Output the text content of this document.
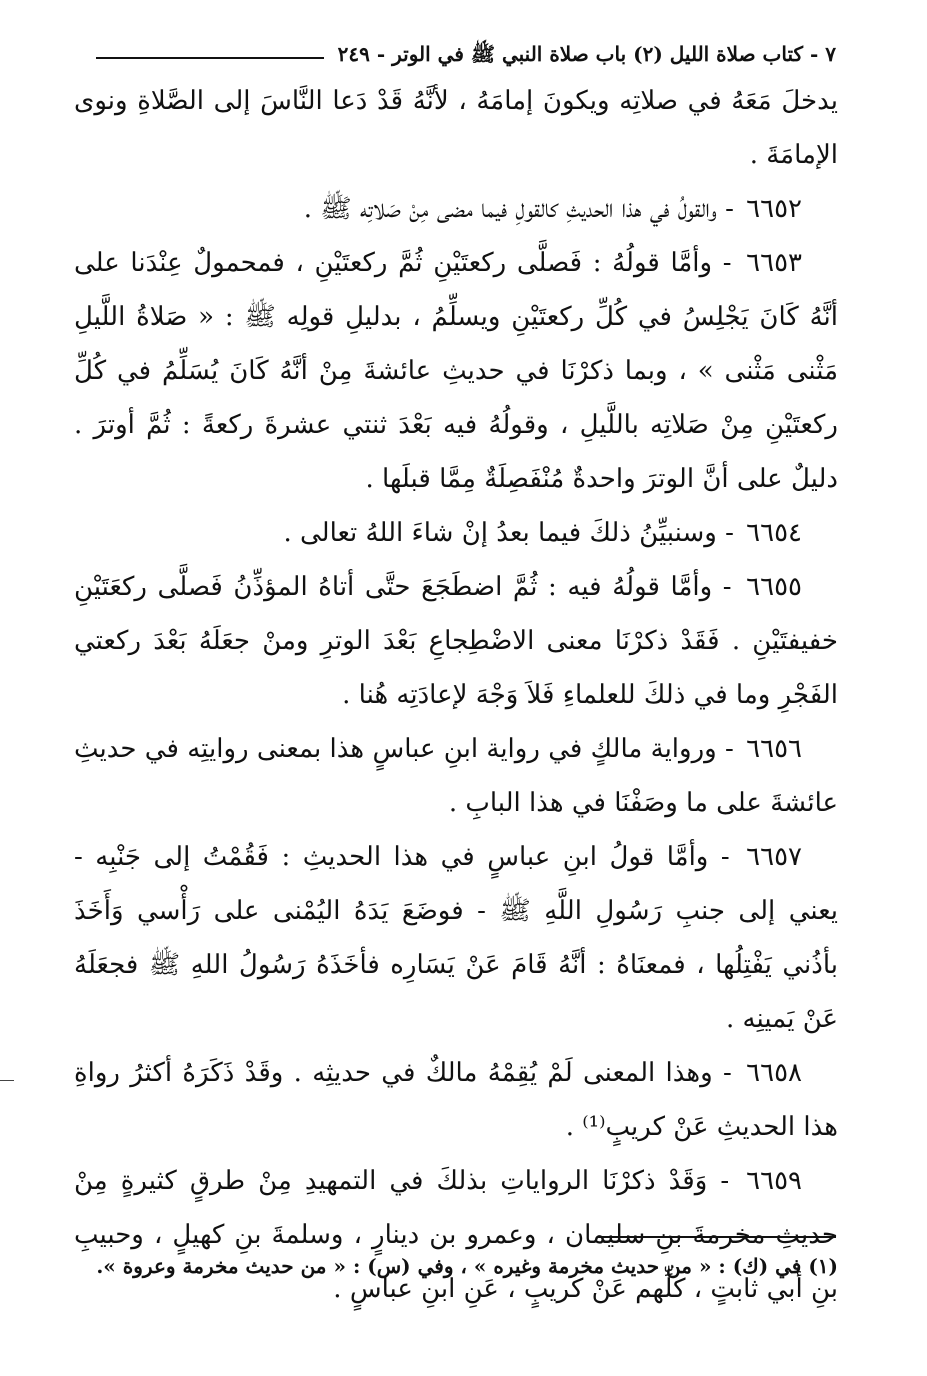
٧ - كتاب صلاة الليل (٢) باب صلاة النبي ﷺ في الوتر - ٢٤٩

يدخلَ مَعَهُ في صلاتِه ويكونَ إمامَهُ ، لأنَّهُ قَدْ دَعا النَّاسَ إلى الصَّلاةِ ونوى الإمامَةَ .

٦٦٥٢ - والقولُ في هذا الحديثِ كالقولِ فيما مضى مِنْ صَلاتِه ﷺ .

٦٦٥٣ - وأمَّا قولُهُ : فَصلَّى ركعتَيْنِ ثُمَّ ركعتَيْنِ ، فمحمولٌ عِنْدَنا على أنَّهُ كَانَ يَجْلِسُ في كُلِّ ركعتَيْنِ ويسلِّمُ ، بدليلِ قولِه ﷺ : « صَلاةُ اللَّيلِ مَثْنى مَثْنى » ، وبما ذكرْنَا في حديثِ عائشةَ مِنْ أنَّهُ كَانَ يُسَلِّمُ في كُلِّ ركعتَيْنِ مِنْ صَلاتِه باللَّيلِ ، وقولُهُ فيه بَعْدَ ثنتي عشرةَ ركعةً : ثُمَّ أوترَ . دليلٌ على أنَّ الوترَ واحدةٌ مُنْفَصِلَةٌ مِمَّا قبلَها .

٦٦٥٤ - وسنبيِّنُ ذلكَ فيما بعدُ إنْ شاءَ اللهُ تعالى .

٦٦٥٥ - وأمَّا قولُهُ فيه : ثُمَّ اضطَجَعَ حتَّى أتاهُ المؤذِّنُ فَصلَّى ركعَتَيْنِ خفيفتَيْنِ . فَقَدْ ذكرْنَا معنى الاضْطِجاعِ بَعْدَ الوترِ ومنْ جعَلَهُ بَعْدَ ركعتي الفَجْرِ وما في ذلكَ للعلماءِ فَلاَ وَجْهَ لإعادَتِه هُنا .

٦٦٥٦ - ورواية مالكٍ في رواية ابنِ عباسٍ هذا بمعنى روايتِه في حديثِ عائشةَ على ما وصَفْنَا في هذا البابِ .

٦٦٥٧ - وأمَّا قولُ ابنِ عباسٍ في هذا الحديثِ : فَقُمْتُ إلى جَنْبِه - يعني إلى جنبِ رَسُولِ اللَّهِ ﷺ - فوضَعَ يَدَهُ اليُمْنى على رَأْسي وَأَخَذَ بأذُني يَفْتِلُها ، فمعنَاهُ : أنَّهُ قَامَ عَنْ يَسَارِه فأخَذَهُ رَسُولُ اللهِ ﷺ فجعَلَهُ عَنْ يَمينِه .

٦٦٥٨ - وهذا المعنى لَمْ يُقِمْهُ مالكٌ في حديثِه . وقَدْ ذَكَرَهُ أكثرُ رواةِ هذا الحديثِ عَنْ كريبٍ⁽¹⁾ .

٦٦٥٩ - وَقَدْ ذكرْنَا الرواياتِ بذلكَ في التمهيدِ مِنْ طرقٍ كثيرةٍ مِنْ حديثِ مخرمةَ بنِ سليمان ، وعمرو بن دينارٍ ، وسلمةَ بنِ كهيلٍ ، وحبيبِ بنِ أبي ثابتٍ ، كلِّهم عَنْ كريبٍ ، عَنِ ابنِ عباسٍ .

(١) في (ك) : « من حديث مخرمة وغيره » ، وفي (س) : « من حديث مخرمة وعروة ».
